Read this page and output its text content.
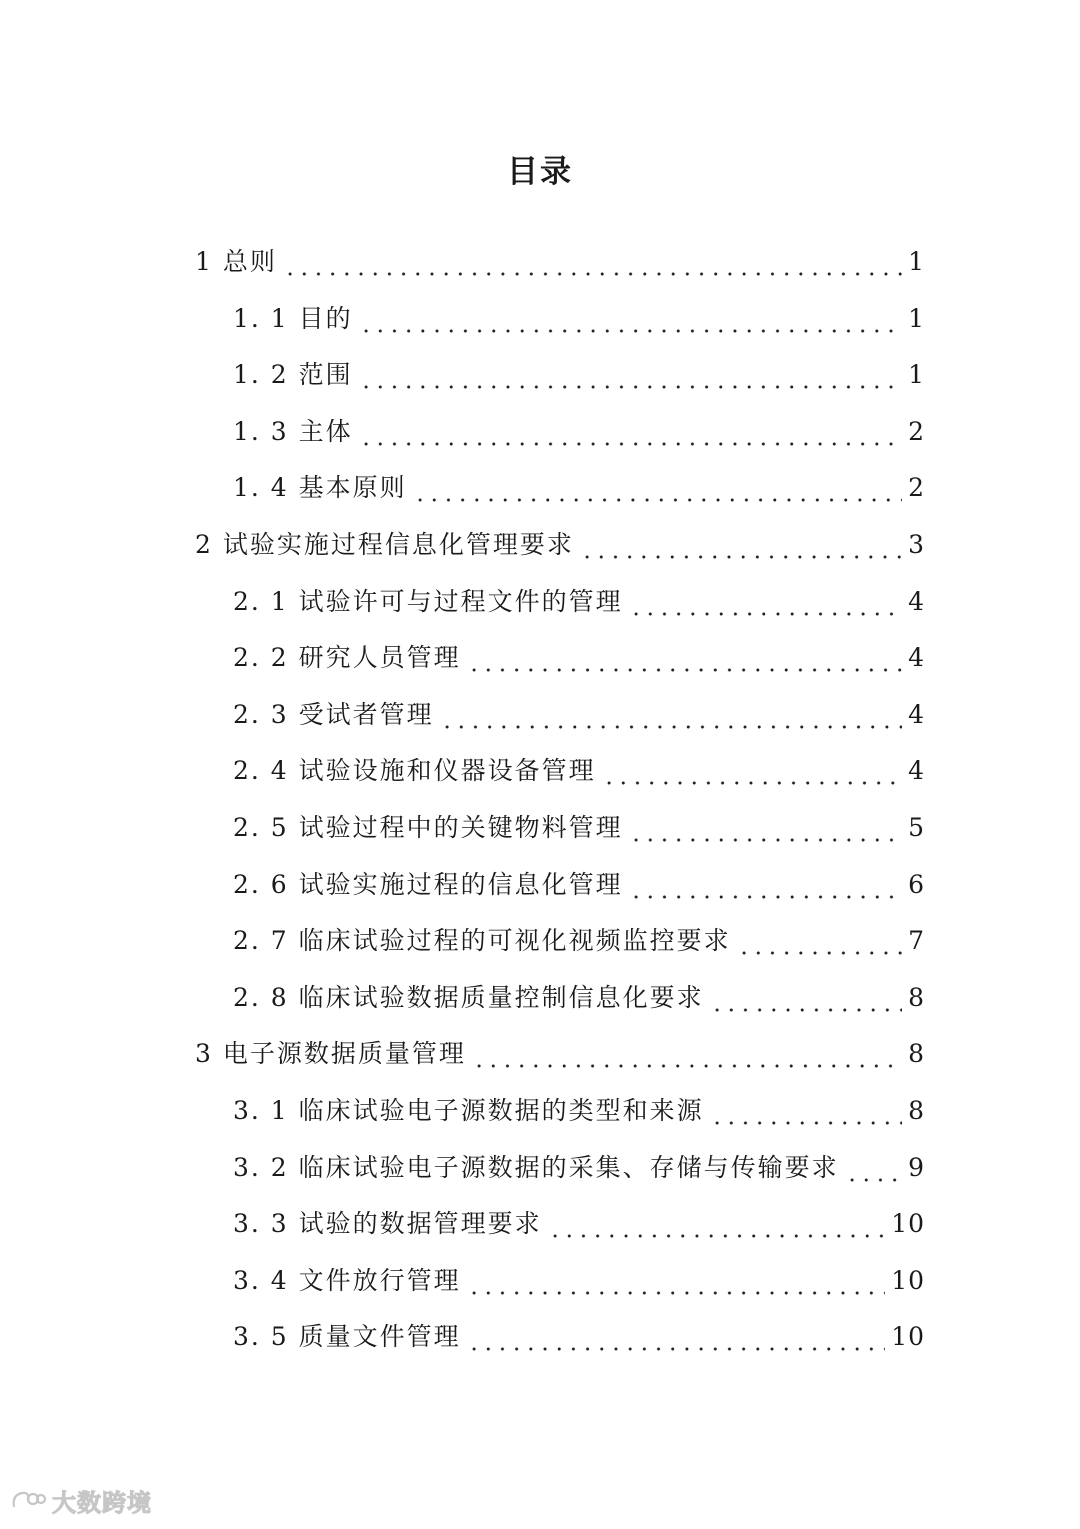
目录
1 总则	1
1. 1 目的	1
1. 2 范围	1
1. 3 主体	2
1. 4 基本原则	2
2 试验实施过程信息化管理要求	3
2. 1 试验许可与过程文件的管理	4
2. 2 研究人员管理	4
2. 3 受试者管理	4
2. 4 试验设施和仪器设备管理	4
2. 5 试验过程中的关键物料管理	5
2. 6 试验实施过程的信息化管理	6
2. 7 临床试验过程的可视化视频监控要求	7
2. 8 临床试验数据质量控制信息化要求	8
3 电子源数据质量管理	8
3. 1 临床试验电子源数据的类型和来源	8
3. 2 临床试验电子源数据的采集、存储与传输要求	9
3. 3 试验的数据管理要求	10
3. 4 文件放行管理	10
3. 5 质量文件管理	10
大数跨境
